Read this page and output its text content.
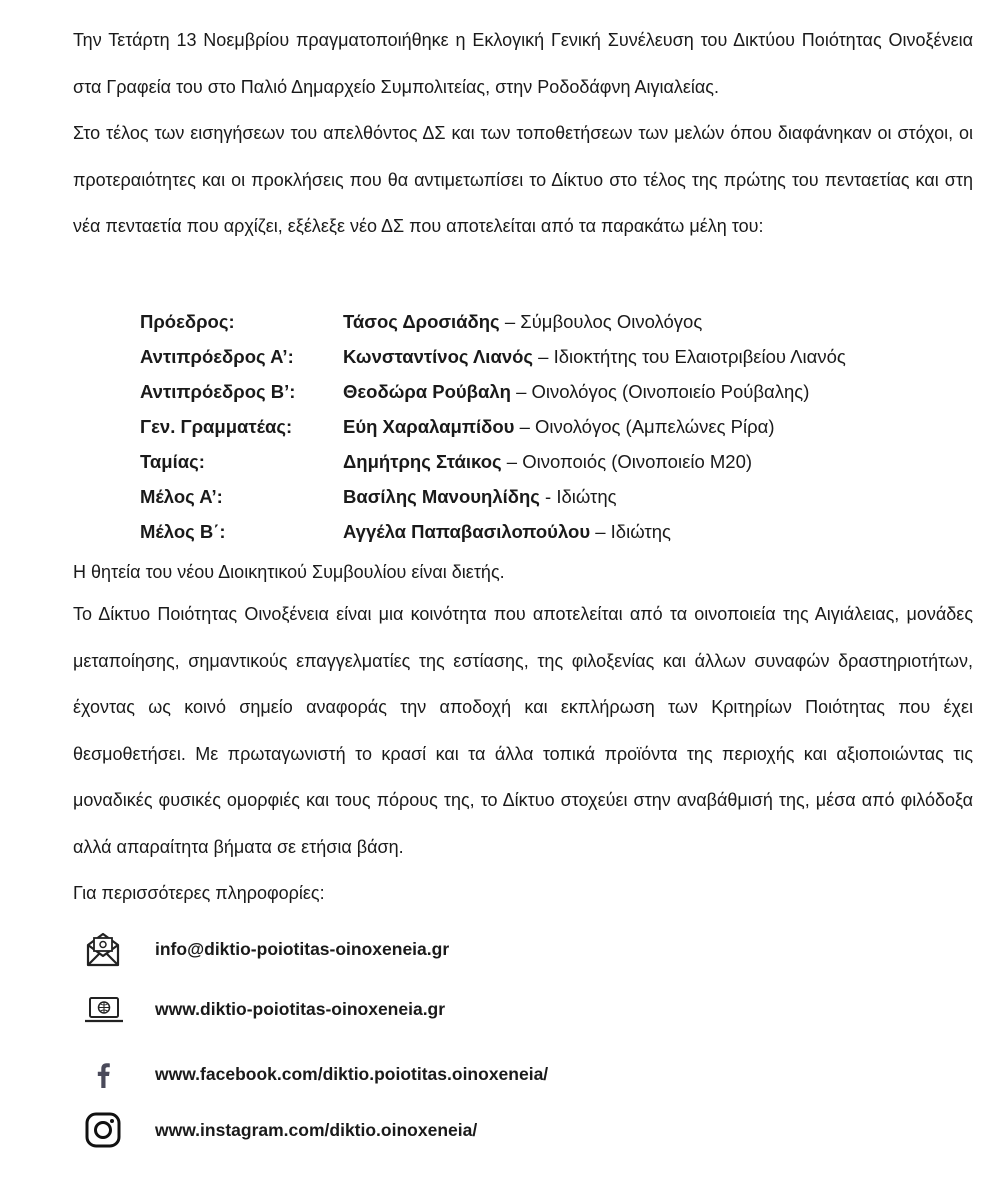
Την Τετάρτη 13 Νοεμβρίου πραγματοποιήθηκε η Εκλογική Γενική Συνέλευση του Δικτύου Ποιότητας Οινοξένεια στα Γραφεία του στο Παλιό Δημαρχείο Συμπολιτείας, στην Ροδοδάφνη Αιγιαλείας.

Στο τέλος των εισηγήσεων του απελθόντος ΔΣ και των τοποθετήσεων των μελών όπου διαφάνηκαν οι στόχοι, οι προτεραιότητες και οι προκλήσεις που θα αντιμετωπίσει το Δίκτυο στο τέλος της πρώτης του πενταετίας και στη νέα πενταετία που αρχίζει, εξέλεξε νέο ΔΣ που αποτελείται από τα παρακάτω μέλη του:

Πρόεδρος:	Τάσος Δροσιάδης – Σύμβουλος Οινολόγος
Αντιπρόεδρος Α’:	Κωνσταντίνος Λιανός – Ιδιοκτήτης του Ελαιοτριβείου Λιανός
Αντιπρόεδρος Β’:	Θεοδώρα Ρούβαλη – Οινολόγος (Οινοποιείο Ρούβαλης)
Γεν. Γραμματέας:	Εύη Χαραλαμπίδου – Οινολόγος (Αμπελώνες Ρίρα)
Ταμίας:	Δημήτρης Στάικος – Οινοποιός (Οινοποιείο Μ20)
Μέλος Α’:	Βασίλης Μανουηλίδης - Ιδιώτης
Μέλος Β΄:	Αγγέλα Παπαβασιλοπούλου – Ιδιώτης

Η θητεία του νέου Διοικητικού Συμβουλίου είναι διετής.

Το Δίκτυο Ποιότητας Οινοξένεια είναι μια κοινότητα που αποτελείται από τα οινοποιεία της Αιγιάλειας, μονάδες μεταποίησης, σημαντικούς επαγγελματίες της εστίασης, της φιλοξενίας και άλλων συναφών δραστηριοτήτων, έχοντας ως κοινό σημείο αναφοράς την αποδοχή και εκπλήρωση των Κριτηρίων Ποιότητας που έχει θεσμοθετήσει. Με πρωταγωνιστή το κρασί και τα άλλα τοπικά προϊόντα της περιοχής και αξιοποιώντας τις μοναδικές φυσικές ομορφιές και τους πόρους της, το Δίκτυο στοχεύει στην αναβάθμισή της, μέσα από φιλόδοξα αλλά απαραίτητα βήματα σε ετήσια βάση.

Για περισσότερες πληροφορίες:

info@diktio-poiotitas-oinoxeneia.gr
www.diktio-poiotitas-oinoxeneia.gr
www.facebook.com/diktio.poiotitas.oinoxeneia/
www.instagram.com/diktio.oinoxeneia/
